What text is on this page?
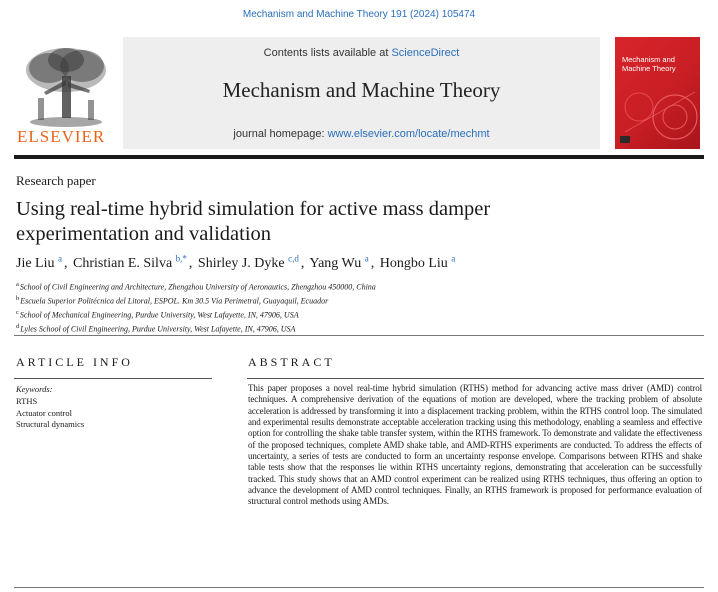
Mechanism and Machine Theory 191 (2024) 105474
ELSEVIER
Contents lists available at ScienceDirect
Mechanism and Machine Theory
journal homepage: www.elsevier.com/locate/mechmt
Mechanism and
Machine Theory
Research paper
Using real-time hybrid simulation for active mass damper experimentation and validation
Jie Liu $^a$ , Christian E. Silva $^{b,*}$ , Shirley J. Dyke $^{c,d}$ , Yang Wu $^a$ , Hongbo Liu $^a$
$^a$School of Civil Engineering and Architecture, Zhengzhou University of Aeronautics, Zhengzhou 450000, China
$^b$Escuela Superior Politécnica del Litoral, ESPOL. Km 30.5 Vía Perimetral, Guayaquil, Ecuador
$^c$School of Mechanical Engineering, Purdue University, West Lafayette, IN, 47906, USA
$^d$Lyles School of Civil Engineering, Purdue University, West Lafayette, IN, 47906, USA
ARTICLE INFO
Keywords:
RTHS
Actuator control
Structural dynamics
ABSTRACT
This paper proposes a novel real-time hybrid simulation (RTHS) method for advancing active mass driver (AMD) control techniques. A comprehensive derivation of the equations of motion are developed, where the tracking problem of absolute acceleration is addressed by transforming it into a displacement tracking problem, within the RTHS control loop. The simulated and experimental results demonstrate acceptable acceleration tracking using this methodology, enabling a seamless and effective option for controlling the shake table transfer system, within the RTHS framework. To demonstrate and validate the effectiveness of the proposed techniques, complete AMD shake table, and AMD-RTHS experiments are conducted. To address the effects of uncertainty, a series of tests are conducted to form an uncertainty response envelope. Comparisons between RTHS and shake table tests show that the responses lie within RTHS uncertainty regions, demonstrating that acceleration can be successfully tracked. This study shows that an AMD control experiment can be realized using RTHS techniques, thus offering an option to advance the development of AMD control techniques. Finally, an RTHS framework is proposed for performance evaluation of structural control methods using AMDs.
